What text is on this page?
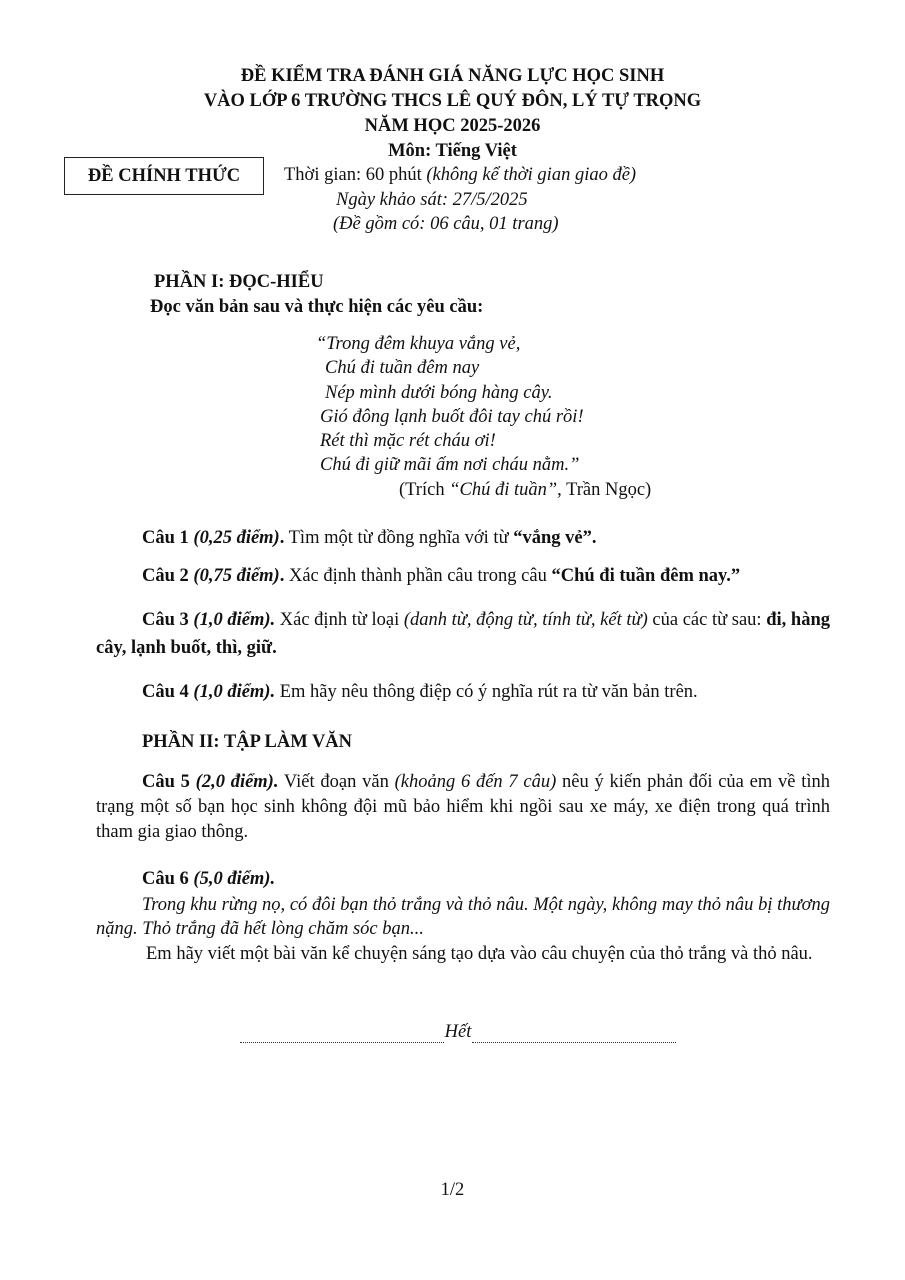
ĐỀ KIỂM TRA ĐÁNH GIÁ NĂNG LỰC HỌC SINH
VÀO LỚP 6 TRƯỜNG THCS LÊ QUÝ ĐÔN, LÝ TỰ TRỌNG
NĂM HỌC 2025-2026
Môn: Tiếng Việt
ĐỀ CHÍNH THỨC Thời gian: 60 phút (không kể thời gian giao đề)
Ngày khảo sát: 27/5/2025
(Đề gồm có: 06 câu, 01 trang)
PHẦN I: ĐỌC-HIỂU
Đọc văn bản sau và thực hiện các yêu cầu:
“Trong đêm khuya vắng vẻ,
Chú đi tuần đêm nay
Nép mình dưới bóng hàng cây.
Gió đông lạnh buốt đôi tay chú rồi!
Rét thì mặc rét cháu ơi!
Chú đi giữ mãi ấm nơi cháu nằm.”
(Trích “Chú đi tuần”, Trần Ngọc)
Câu 1 (0,25 điểm). Tìm một từ đồng nghĩa với từ “vắng vẻ”.
Câu 2 (0,75 điểm). Xác định thành phần câu trong câu “Chú đi tuần đêm nay.”
Câu 3 (1,0 điểm). Xác định từ loại (danh từ, động từ, tính từ, kết từ) của các từ sau: đi, hàng cây, lạnh buốt, thì, giữ.
Câu 4 (1,0 điểm). Em hãy nêu thông điệp có ý nghĩa rút ra từ văn bản trên.
PHẦN II: TẬP LÀM VĂN
Câu 5 (2,0 điểm). Viết đoạn văn (khoảng 6 đến 7 câu) nêu ý kiến phản đối của em về tình trạng một số bạn học sinh không đội mũ bảo hiểm khi ngồi sau xe máy, xe điện trong quá trình tham gia giao thông.
Câu 6 (5,0 điểm).
Trong khu rừng nọ, có đôi bạn thỏ trắng và thỏ nâu. Một ngày, không may thỏ nâu bị thương nặng. Thỏ trắng đã hết lòng chăm sóc bạn...
Em hãy viết một bài văn kể chuyện sáng tạo dựa vào câu chuyện của thỏ trắng và thỏ nâu.
Hết
1/2
